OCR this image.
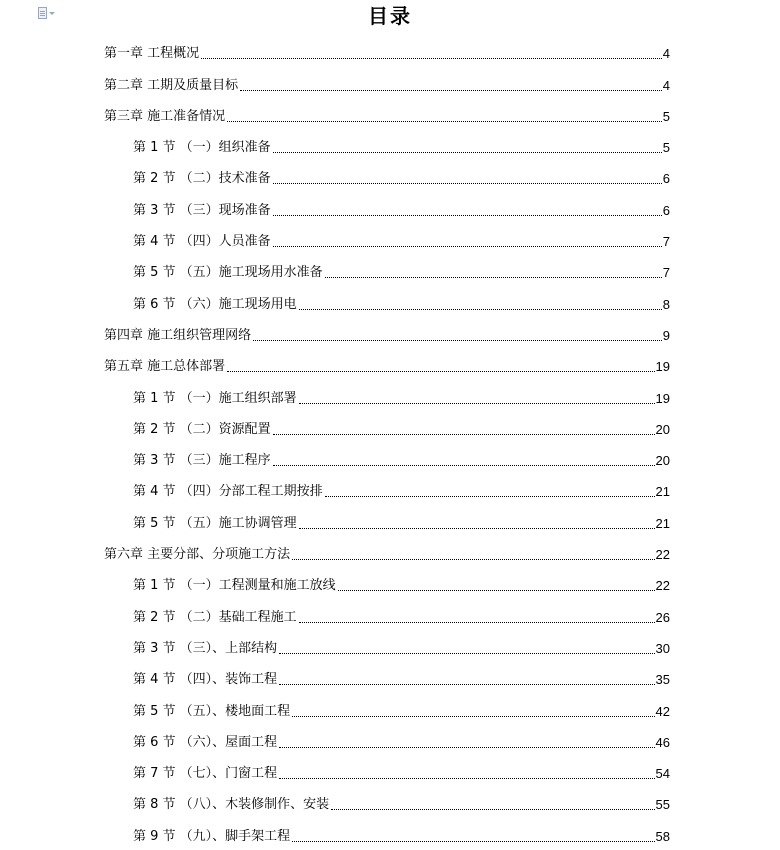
目录
第一章 工程概况	4
第二章 工期及质量目标	4
第三章 施工准备情况	5
第 1 节 （一）组织准备	5
第 2 节 （二）技术准备	6
第 3 节 （三）现场准备	6
第 4 节 （四）人员准备	7
第 5 节 （五）施工现场用水准备	7
第 6 节 （六）施工现场用电	8
第四章 施工组织管理网络	9
第五章 施工总体部署	19
第 1 节 （一）施工组织部署	19
第 2 节 （二）资源配置	20
第 3 节 （三）施工程序	20
第 4 节 （四）分部工程工期按排	21
第 5 节 （五）施工协调管理	21
第六章 主要分部、分项施工方法	22
第 1 节 （一）工程测量和施工放线	22
第 2 节 （二）基础工程施工	26
第 3 节 （三）、上部结构	30
第 4 节 （四）、装饰工程	35
第 5 节 （五）、楼地面工程	42
第 6 节 （六）、屋面工程	46
第 7 节 （七）、门窗工程	54
第 8 节 （八）、木装修制作、安装	55
第 9 节 （九）、脚手架工程	58
